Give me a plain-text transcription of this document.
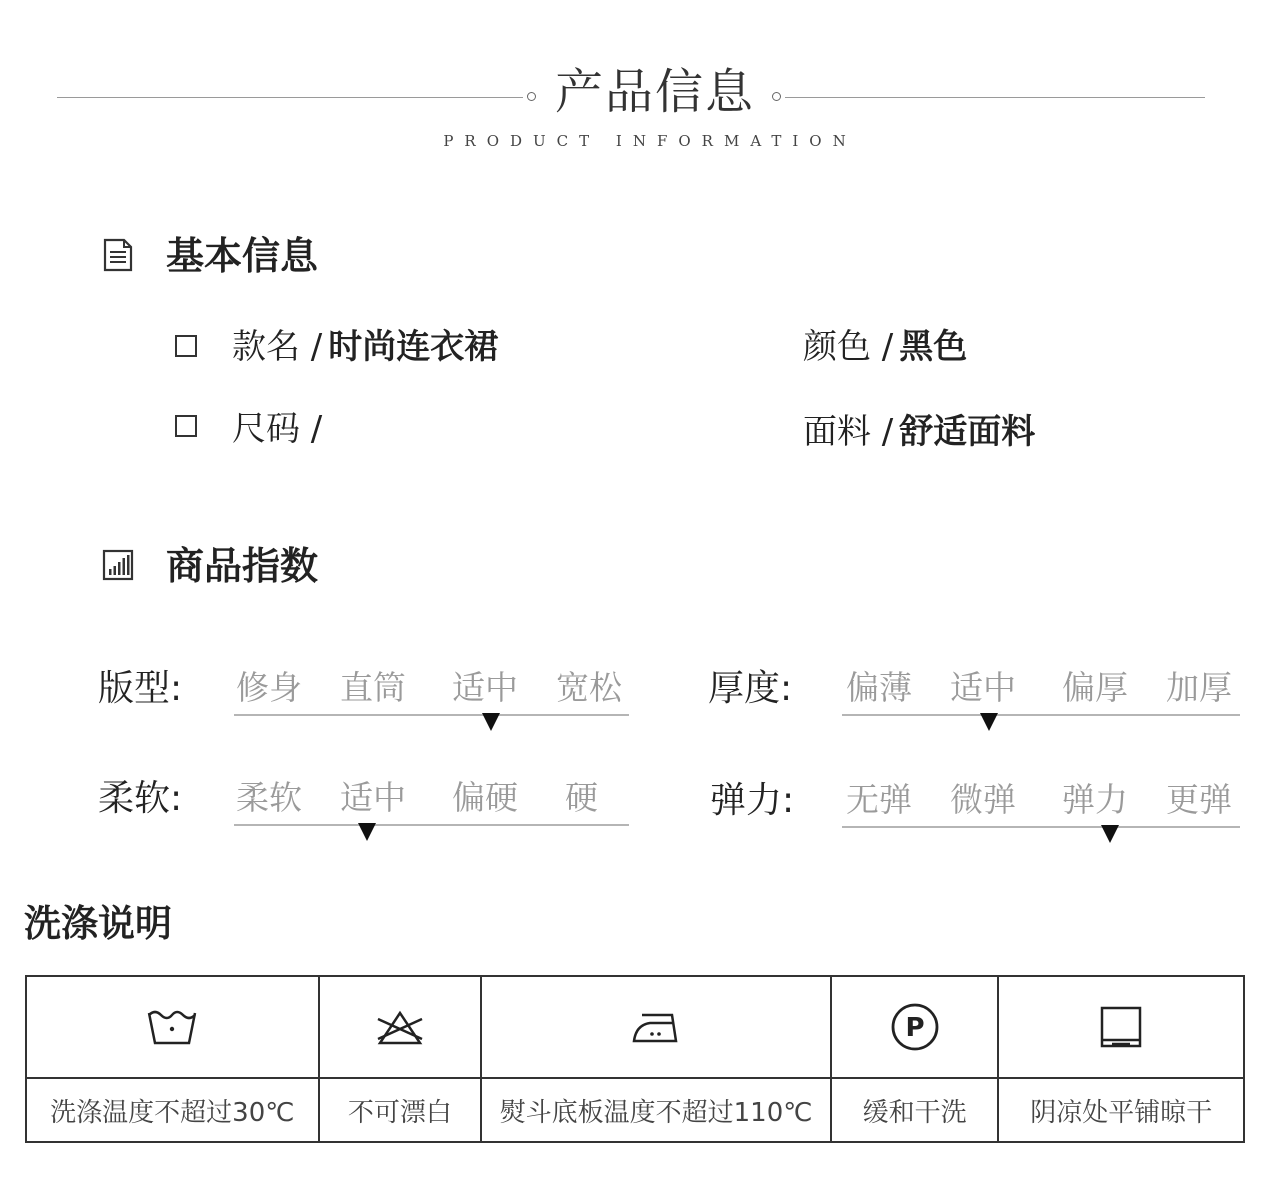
产品信息
PRODUCT INFORMATION
基本信息
款名 / 时尚连衣裙	颜色 / 黑色
尺码 /	面料 / 舒适面料
商品指数
版型: 修身 直筒 适中 宽松 厚度: 偏薄 适中 偏厚 加厚
柔软: 柔软 适中 偏硬 硬	弹力: 无弹 微弹 弹力 更弹
洗涤说明

P

洗涤温度不超过30℃	不可漂白	熨斗底板温度不超过110℃	缓和干洗	阴凉处平铺晾干
